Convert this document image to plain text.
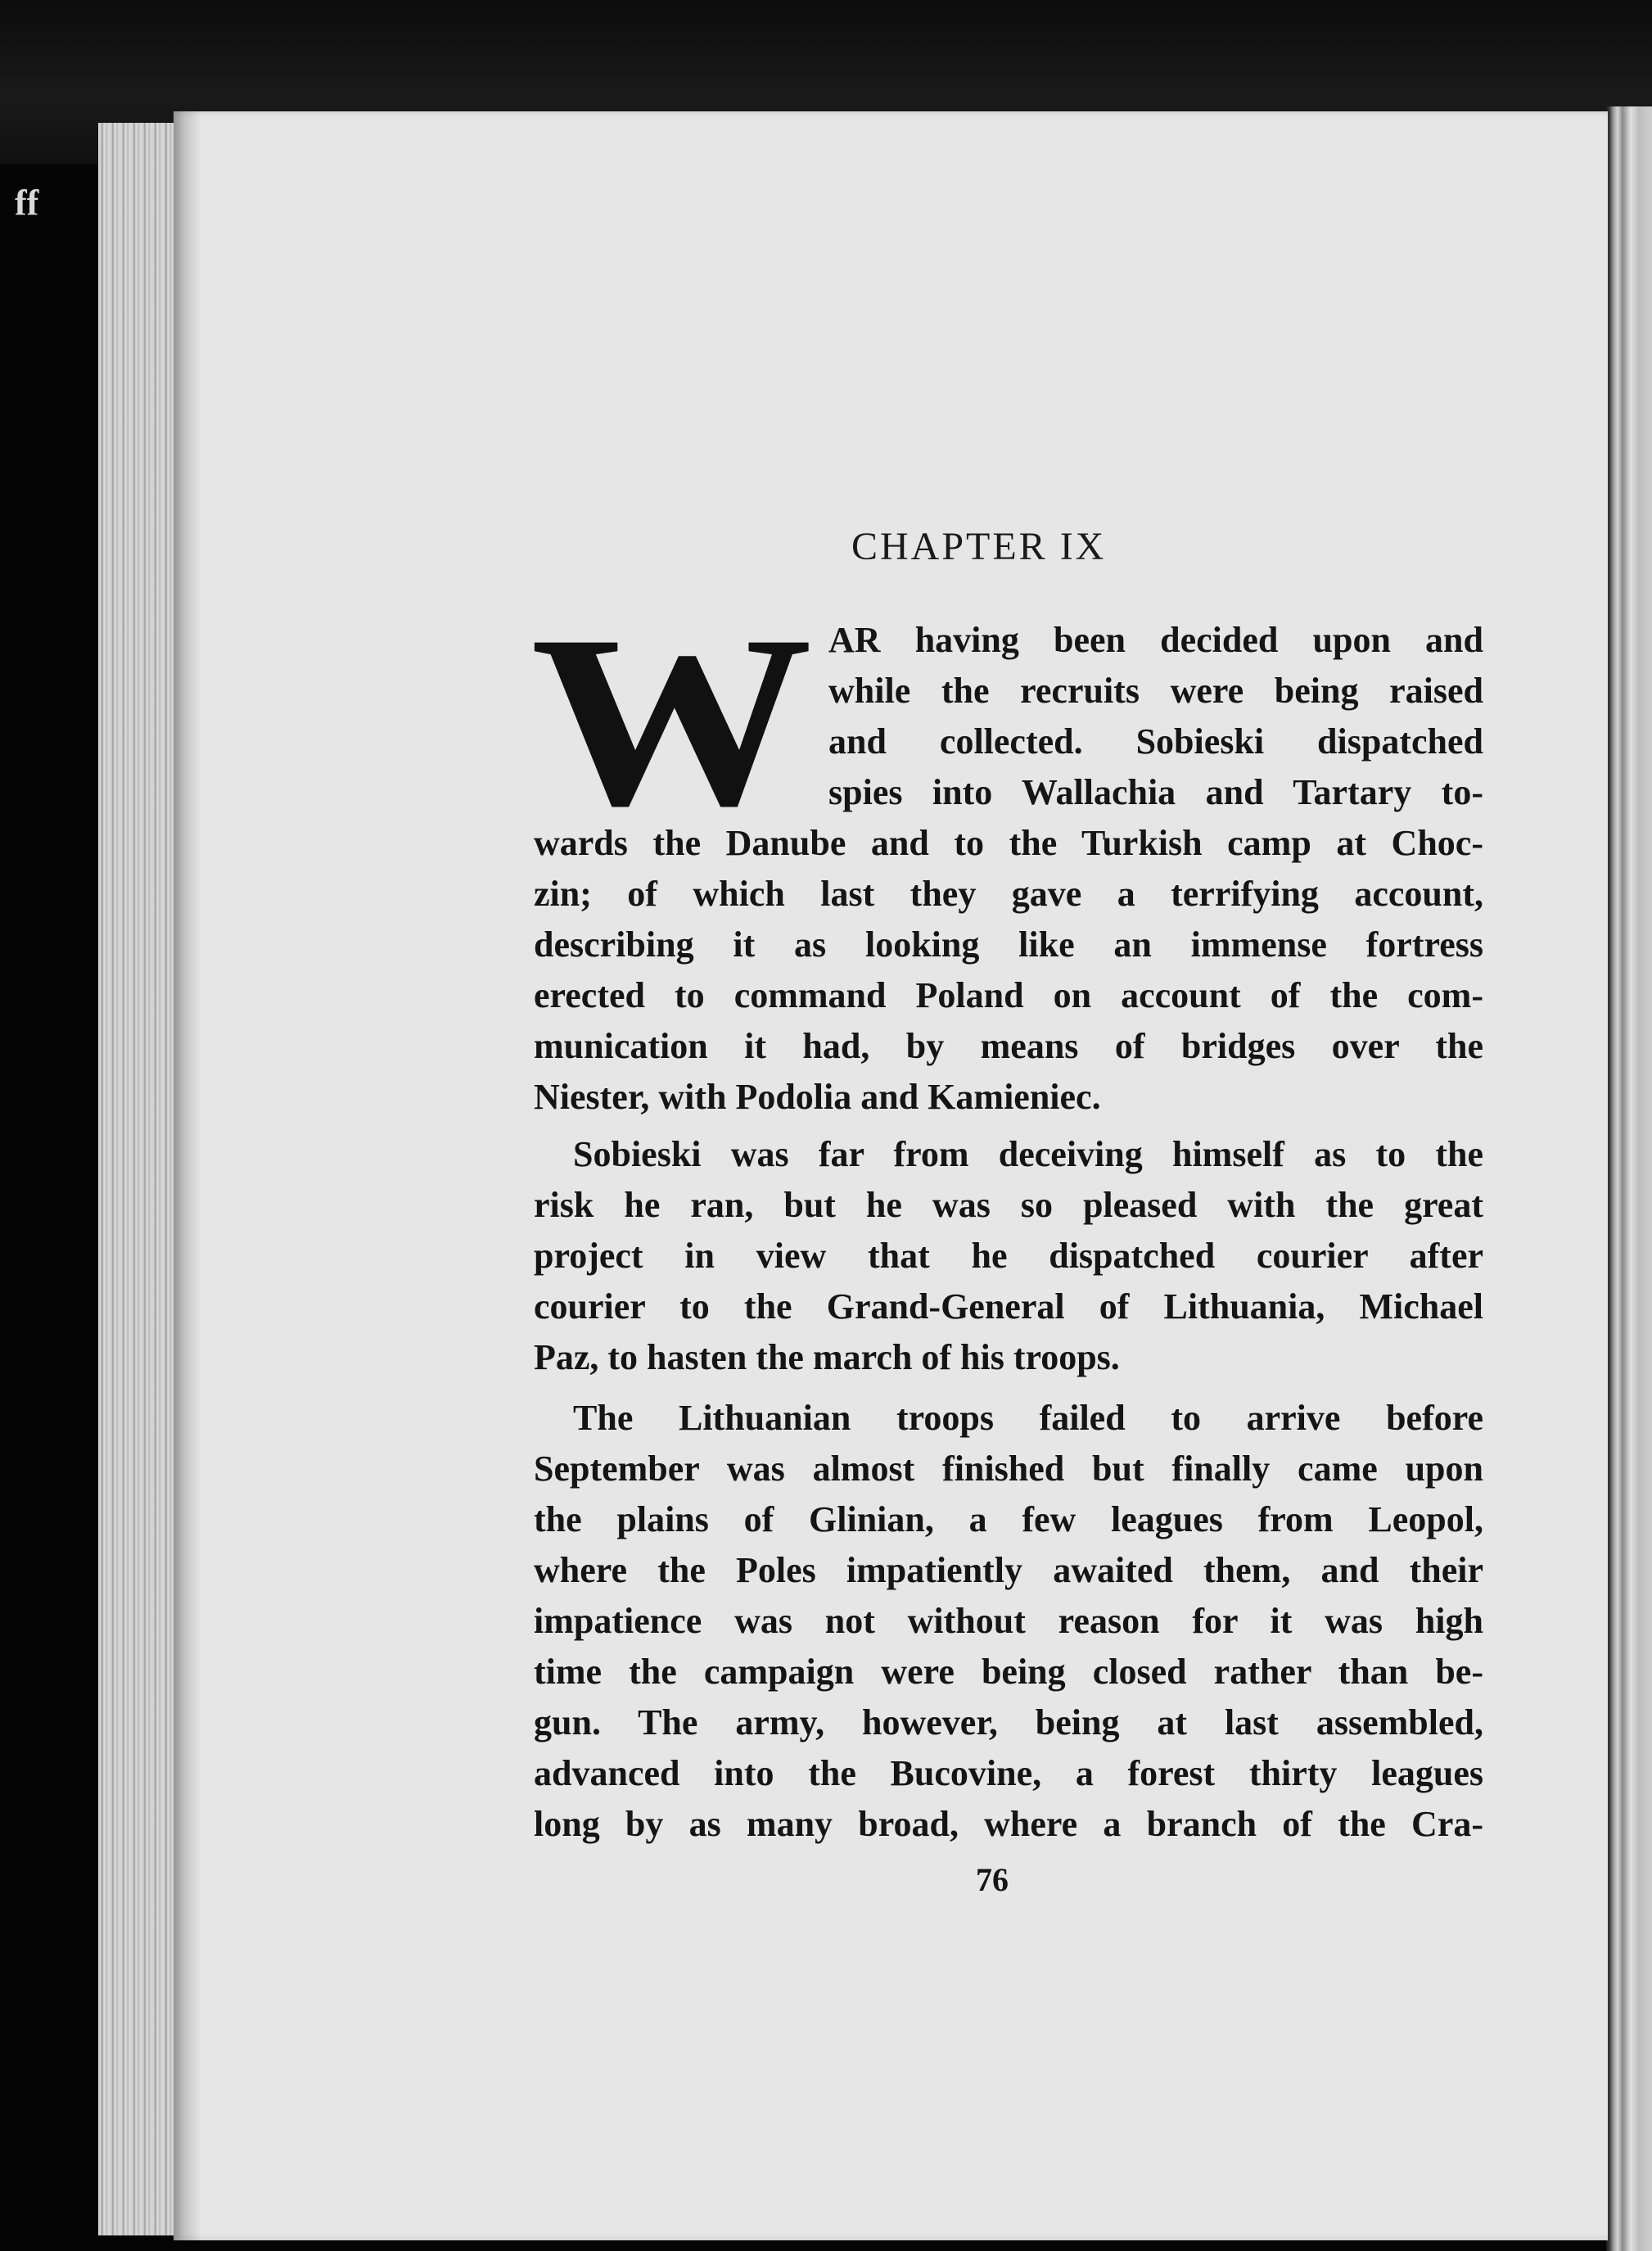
ff
CHAPTER IX
W AR having been decided upon and
while the recruits were being raised
and collected. Sobieski dispatched
spies into Wallachia and Tartary to-
wards the Danube and to the Turkish camp at Choc-
zin; of which last they gave a terrifying account,
describing it as looking like an immense fortress
erected to command Poland on account of the com-
munication it had, by means of bridges over the
Niester, with Podolia and Kamieniec.
Sobieski was far from deceiving himself as to the
risk he ran, but he was so pleased with the great
project in view that he dispatched courier after
courier to the Grand-General of Lithuania, Michael
Paz, to hasten the march of his troops.
The Lithuanian troops failed to arrive before
September was almost finished but finally came upon
the plains of Glinian, a few leagues from Leopol,
where the Poles impatiently awaited them, and their
impatience was not without reason for it was high
time the campaign were being closed rather than be-
gun. The army, however, being at last assembled,
advanced into the Bucovine, a forest thirty leagues
long by as many broad, where a branch of the Cra-
76
